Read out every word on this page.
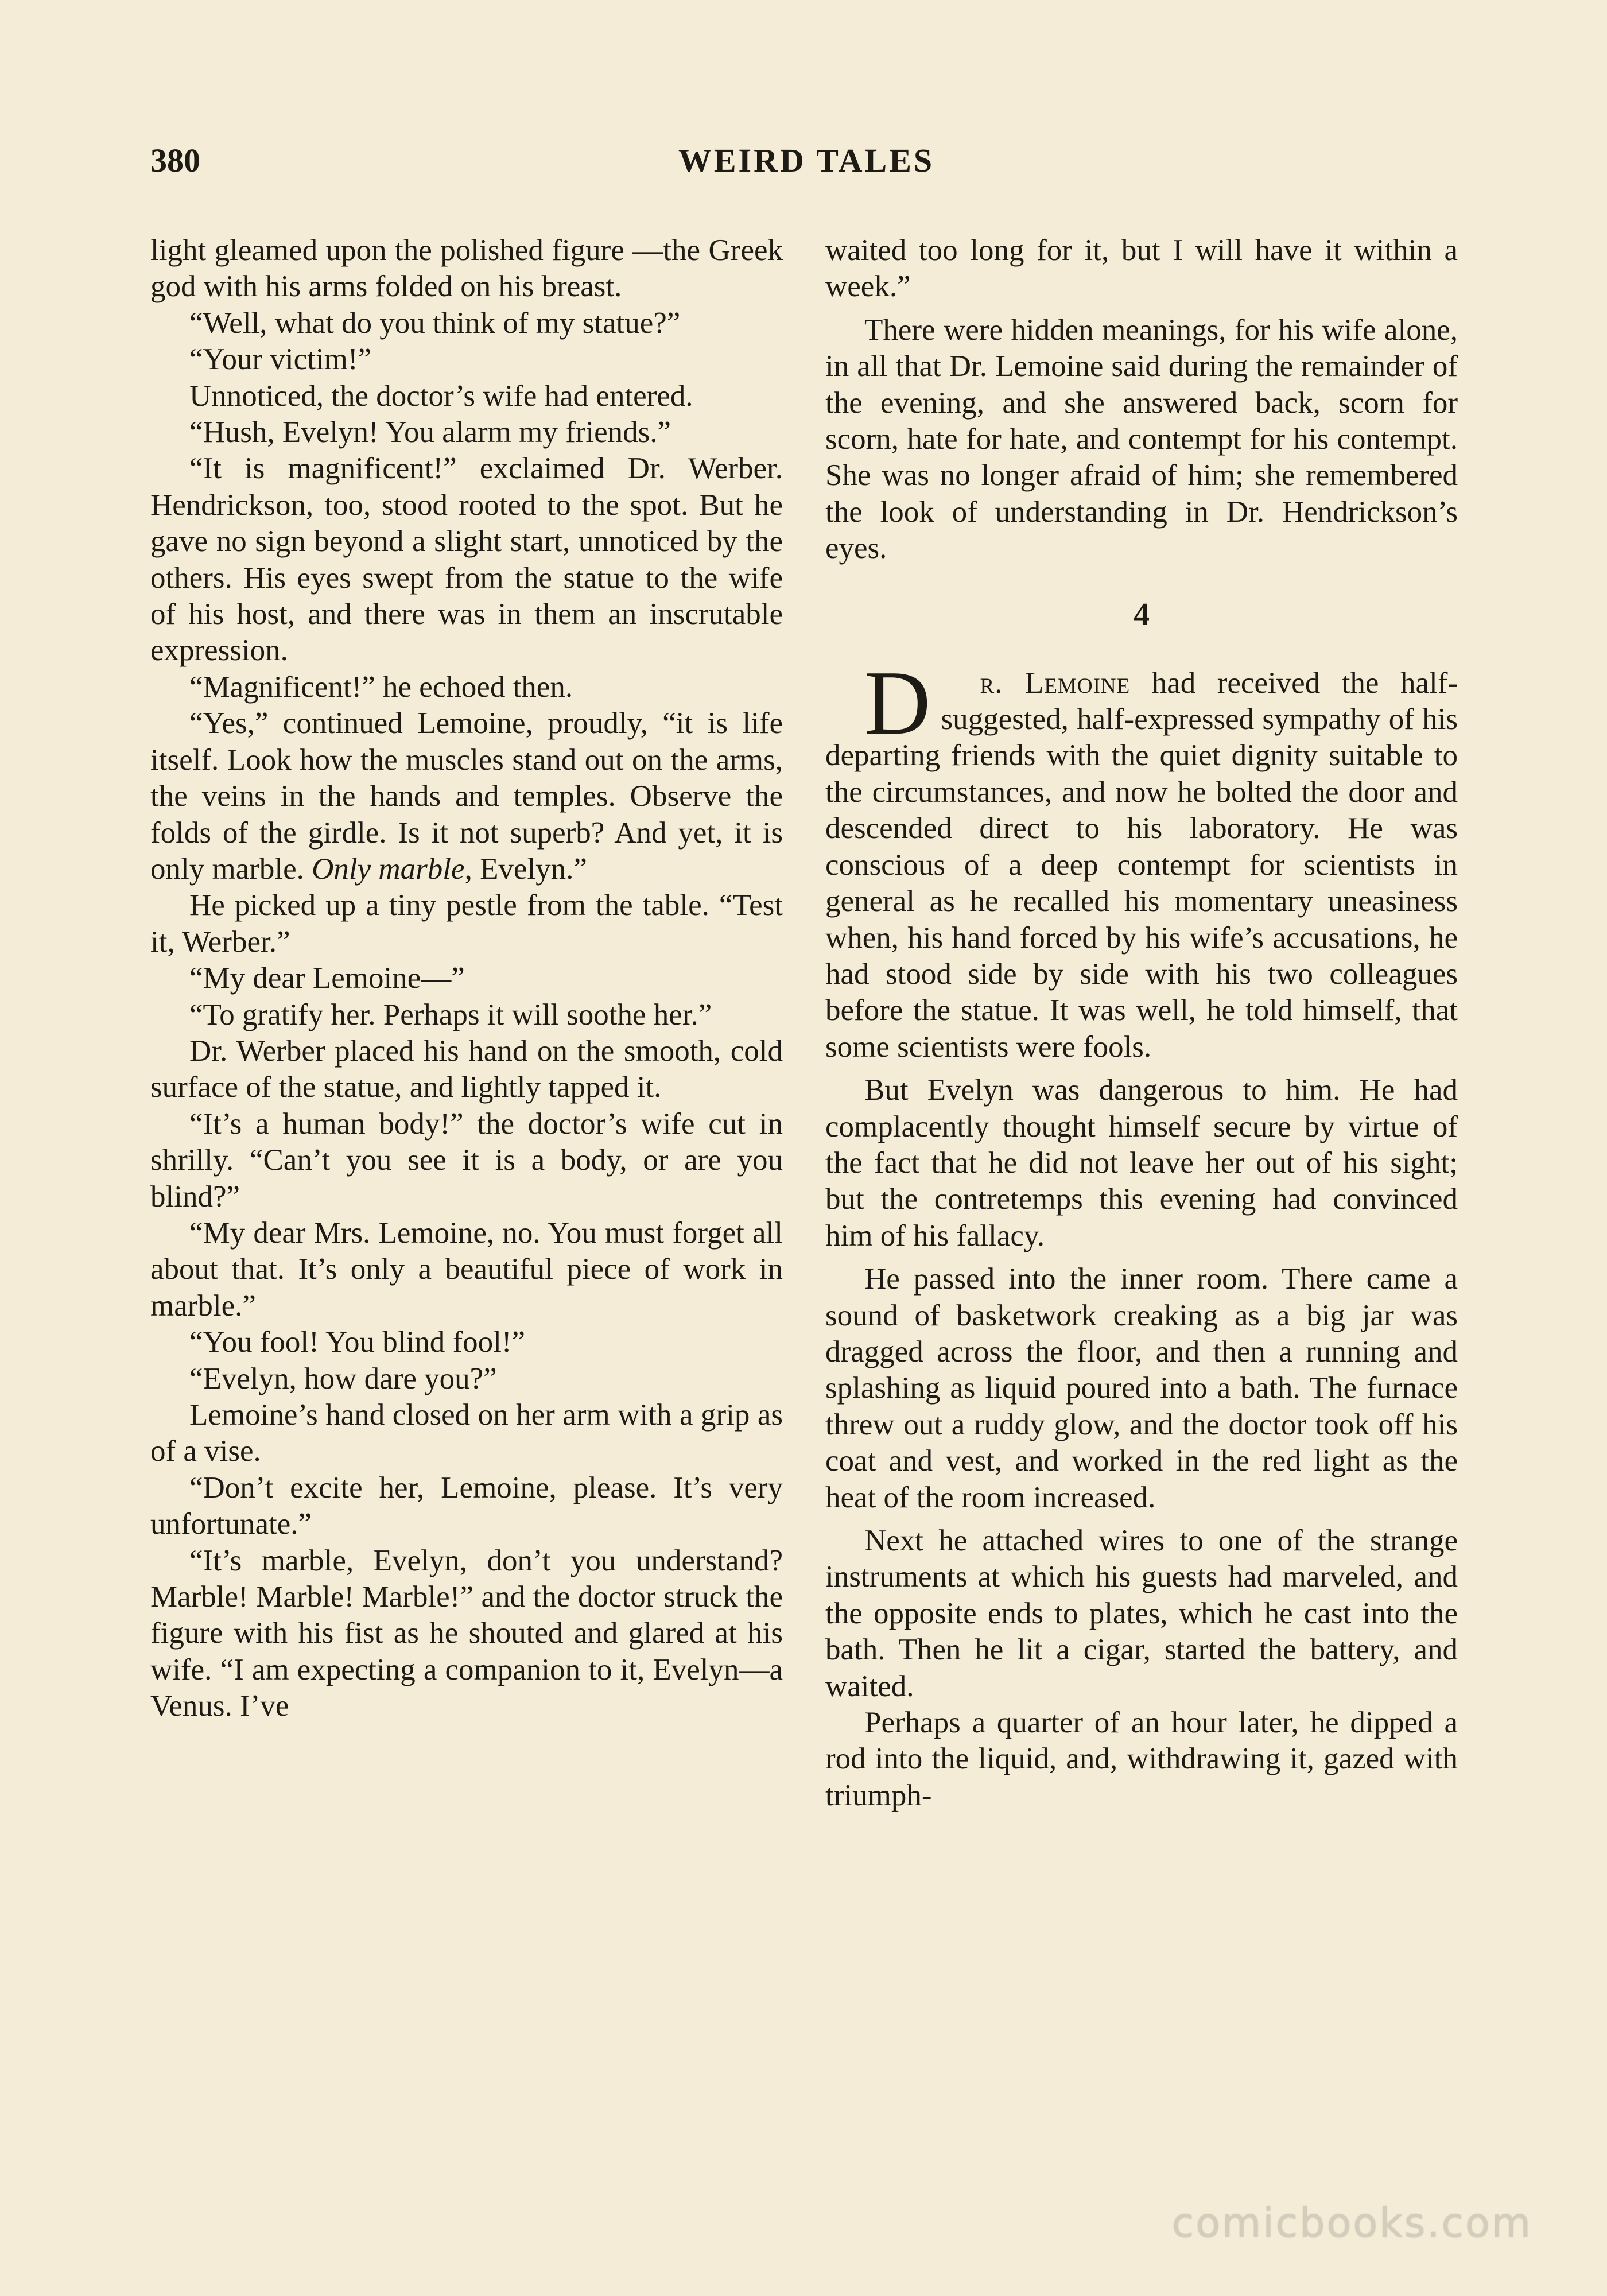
380	WEIRD TALES

light gleamed upon the polished figure —the Greek god with his arms folded on his breast.

“Well, what do you think of my statue?”

“Your victim!”

Unnoticed, the doctor’s wife had entered.

“Hush, Evelyn! You alarm my friends.”

“It is magnificent!” exclaimed Dr. Werber. Hendrickson, too, stood rooted to the spot. But he gave no sign beyond a slight start, unnoticed by the others. His eyes swept from the statue to the wife of his host, and there was in them an inscrutable expression.

“Magnificent!” he echoed then.

“Yes,” continued Lemoine, proudly, “it is life itself. Look how the muscles stand out on the arms, the veins in the hands and temples. Observe the folds of the girdle. Is it not superb? And yet, it is only marble. Only marble, Evelyn.”

He picked up a tiny pestle from the table. “Test it, Werber.”

“My dear Lemoine—”

“To gratify her. Perhaps it will soothe her.”

Dr. Werber placed his hand on the smooth, cold surface of the statue, and lightly tapped it.

“It’s a human body!” the doctor’s wife cut in shrilly. “Can’t you see it is a body, or are you blind?”

“My dear Mrs. Lemoine, no. You must forget all about that. It’s only a beautiful piece of work in marble.”

“You fool! You blind fool!”

“Evelyn, how dare you?”

Lemoine’s hand closed on her arm with a grip as of a vise.

“Don’t excite her, Lemoine, please. It’s very unfortunate.”

“It’s marble, Evelyn, don’t you understand? Marble! Marble! Marble!” and the doctor struck the figure with his fist as he shouted and glared at his wife. “I am expecting a companion to it, Evelyn—a Venus. I’ve

waited too long for it, but I will have it within a week.”

There were hidden meanings, for his wife alone, in all that Dr. Lemoine said during the remainder of the evening, and she answered back, scorn for scorn, hate for hate, and contempt for his contempt. She was no longer afraid of him; she remembered the look of understanding in Dr. Hendrickson’s eyes.

4

D r. Lemoine had received the half-suggested, half-expressed sympathy of his departing friends with the quiet dignity suitable to the circumstances, and now he bolted the door and descended direct to his laboratory. He was conscious of a deep contempt for scientists in general as he recalled his momentary uneasiness when, his hand forced by his wife’s accusations, he had stood side by side with his two colleagues before the statue. It was well, he told himself, that some scientists were fools.

But Evelyn was dangerous to him. He had complacently thought himself secure by virtue of the fact that he did not leave her out of his sight; but the contretemps this evening had convinced him of his fallacy.

He passed into the inner room. There came a sound of basketwork creaking as a big jar was dragged across the floor, and then a running and splashing as liquid poured into a bath. The furnace threw out a ruddy glow, and the doctor took off his coat and vest, and worked in the red light as the heat of the room increased.

Next he attached wires to one of the strange instruments at which his guests had marveled, and the opposite ends to plates, which he cast into the bath. Then he lit a cigar, started the battery, and waited.

Perhaps a quarter of an hour later, he dipped a rod into the liquid, and, withdrawing it, gazed with triumph-

comicbooks.com
